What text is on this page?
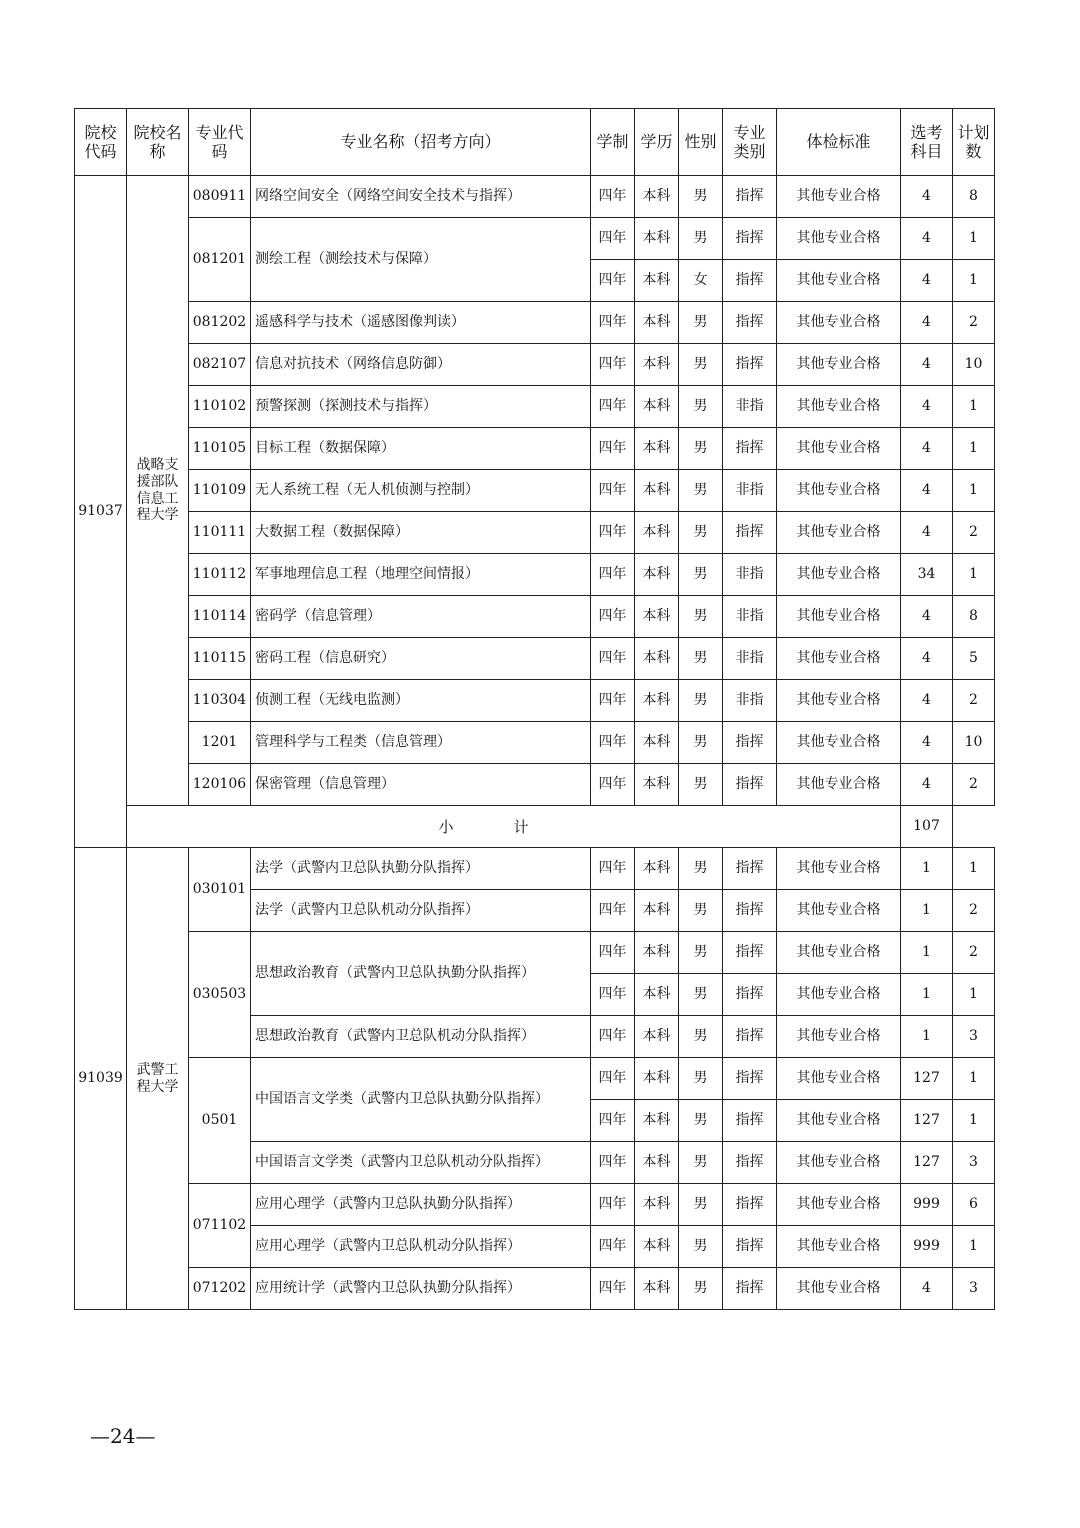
院校代码	院校名称	专业代码	专业名称（招考方向）	学制	学历	性别	专业类别	体检标准	选考科目	计划数
91037	战略支援部队信息工程大学	080911	网络空间安全（网络空间安全技术与指挥）	四年	本科	男	指挥	其他专业合格	4	8
		081201	测绘工程（测绘技术与保障）	四年	本科	男	指挥	其他专业合格	4	1
				四年	本科	女	指挥	其他专业合格	4	1
		081202	遥感科学与技术（遥感图像判读）	四年	本科	男	指挥	其他专业合格	4	2
		082107	信息对抗技术（网络信息防御）	四年	本科	男	指挥	其他专业合格	4	10
		110102	预警探测（探测技术与指挥）	四年	本科	男	非指	其他专业合格	4	1
		110105	目标工程（数据保障）	四年	本科	男	指挥	其他专业合格	4	1
		110109	无人系统工程（无人机侦测与控制）	四年	本科	男	非指	其他专业合格	4	1
		110111	大数据工程（数据保障）	四年	本科	男	指挥	其他专业合格	4	2
		110112	军事地理信息工程（地理空间情报）	四年	本科	男	非指	其他专业合格	34	1
		110114	密码学（信息管理）	四年	本科	男	非指	其他专业合格	4	8
		110115	密码工程（信息研究）	四年	本科	男	非指	其他专业合格	4	5
		110304	侦测工程（无线电监测）	四年	本科	男	非指	其他专业合格	4	2
		1201	管理科学与工程类（信息管理）	四年	本科	男	指挥	其他专业合格	4	10
		120106	保密管理（信息管理）	四年	本科	男	指挥	其他专业合格	4	2
	小计								107	
91039	武警工程大学	030101	法学（武警内卫总队执勤分队指挥）	四年	本科	男	指挥	其他专业合格	1	1
			法学（武警内卫总队机动分队指挥）	四年	本科	男	指挥	其他专业合格	1	2
		030503	思想政治教育（武警内卫总队执勤分队指挥）	四年	本科	男	指挥	其他专业合格	1	2
				四年	本科	男	指挥	其他专业合格	1	1
			思想政治教育（武警内卫总队机动分队指挥）	四年	本科	男	指挥	其他专业合格	1	3
		0501	中国语言文学类（武警内卫总队执勤分队指挥）	四年	本科	男	指挥	其他专业合格	127	1
				四年	本科	男	指挥	其他专业合格	127	1
			中国语言文学类（武警内卫总队机动分队指挥）	四年	本科	男	指挥	其他专业合格	127	3
		071102	应用心理学（武警内卫总队执勤分队指挥）	四年	本科	男	指挥	其他专业合格	999	6
			应用心理学（武警内卫总队机动分队指挥）	四年	本科	男	指挥	其他专业合格	999	1
		071202	应用统计学（武警内卫总队执勤分队指挥）	四年	本科	男	指挥	其他专业合格	4	3
—24—
